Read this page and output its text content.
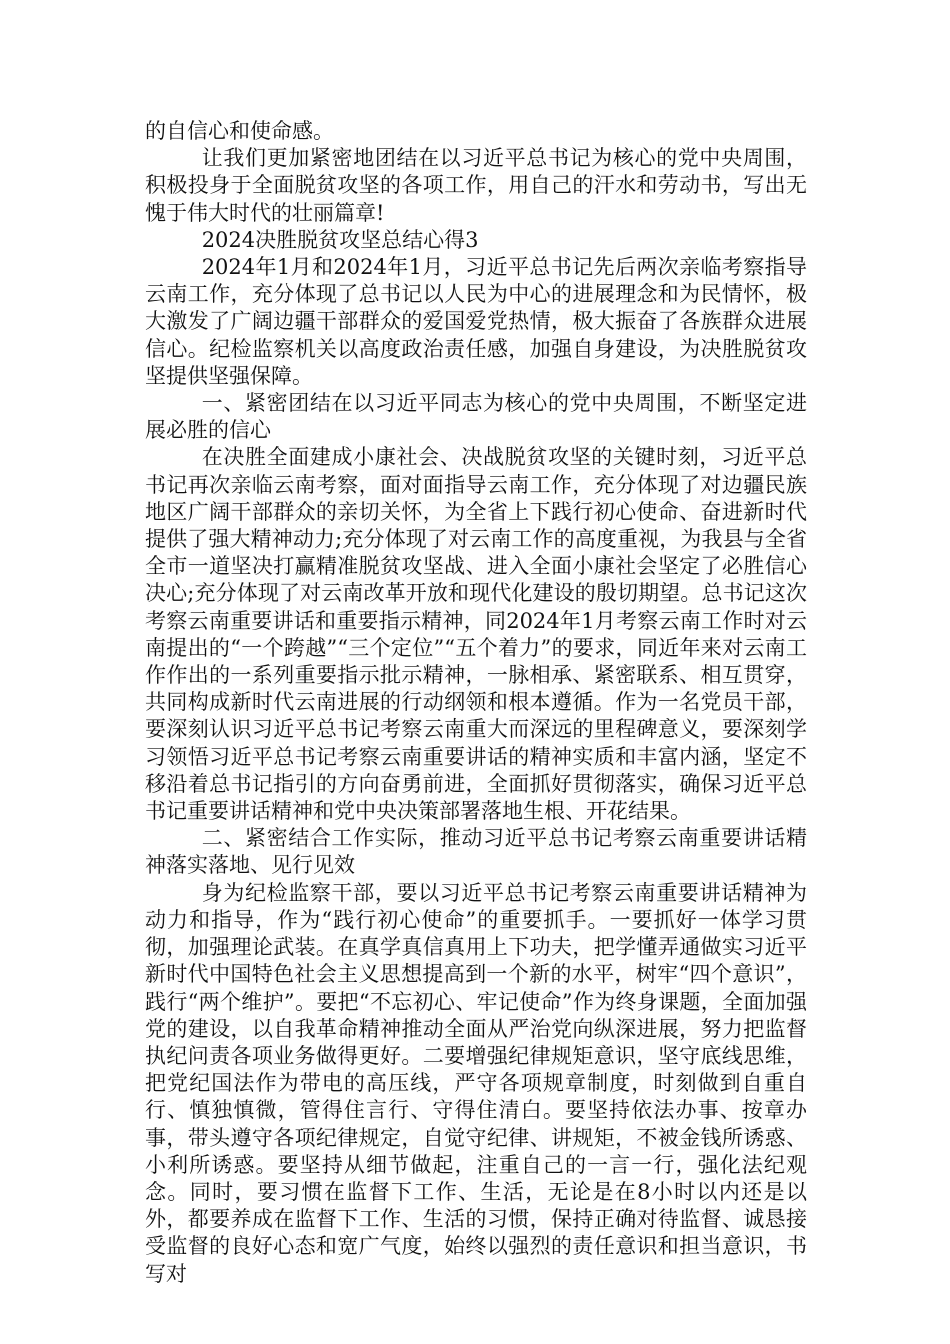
的自信心和使命感。

让我们更加紧密地团结在以习近平总书记为核心的党中央周围，积极投身于全面脱贫攻坚的各项工作，用自己的汗水和劳动书，写出无愧于伟大时代的壮丽篇章!

2024决胜脱贫攻坚总结心得3

2024年1月和2024年1月，习近平总书记先后两次亲临考察指导云南工作，充分体现了总书记以人民为中心的进展理念和为民情怀，极大激发了广阔边疆干部群众的爱国爱党热情，极大振奋了各族群众进展信心。纪检监察机关以高度政治责任感，加强自身建设，为决胜脱贫攻坚提供坚强保障。

一、紧密团结在以习近平同志为核心的党中央周围，不断坚定进展必胜的信心

在决胜全面建成小康社会、决战脱贫攻坚的关键时刻，习近平总书记再次亲临云南考察，面对面指导云南工作，充分体现了对边疆民族地区广阔干部群众的亲切关怀，为全省上下践行初心使命、奋进新时代提供了强大精神动力;充分体现了对云南工作的高度重视，为我县与全省全市一道坚决打赢精准脱贫攻坚战、进入全面小康社会坚定了必胜信心决心;充分体现了对云南改革开放和现代化建设的殷切期望。总书记这次考察云南重要讲话和重要指示精神，同2024年1月考察云南工作时对云南提出的“一个跨越”“三个定位”“五个着力”的要求，同近年来对云南工作作出的一系列重要指示批示精神，一脉相承、紧密联系、相互贯穿，共同构成新时代云南进展的行动纲领和根本遵循。作为一名党员干部，要深刻认识习近平总书记考察云南重大而深远的里程碑意义，要深刻学习领悟习近平总书记考察云南重要讲话的精神实质和丰富内涵，坚定不移沿着总书记指引的方向奋勇前进，全面抓好贯彻落实，确保习近平总书记重要讲话精神和党中央决策部署落地生根、开花结果。

二、紧密结合工作实际，推动习近平总书记考察云南重要讲话精神落实落地、见行见效

身为纪检监察干部，要以习近平总书记考察云南重要讲话精神为动力和指导，作为“践行初心使命”的重要抓手。一要抓好一体学习贯彻，加强理论武装。在真学真信真用上下功夫，把学懂弄通做实习近平新时代中国特色社会主义思想提高到一个新的水平，树牢“四个意识”，践行“两个维护”。要把“不忘初心、牢记使命”作为终身课题，全面加强党的建设，以自我革命精神推动全面从严治党向纵深进展，努力把监督执纪问责各项业务做得更好。二要增强纪律规矩意识，坚守底线思维，把党纪国法作为带电的高压线，严守各项规章制度，时刻做到自重自行、慎独慎微，管得住言行、守得住清白。要坚持依法办事、按章办事，带头遵守各项纪律规定，自觉守纪律、讲规矩，不被金钱所诱惑、小利所诱惑。要坚持从细节做起，注重自己的一言一行，强化法纪观念。同时，要习惯在监督下工作、生活，无论是在8小时以内还是以外，都要养成在监督下工作、生活的习惯，保持正确对待监督、诚恳接受监督的良好心态和宽广气度，始终以强烈的责任意识和担当意识，书写对
